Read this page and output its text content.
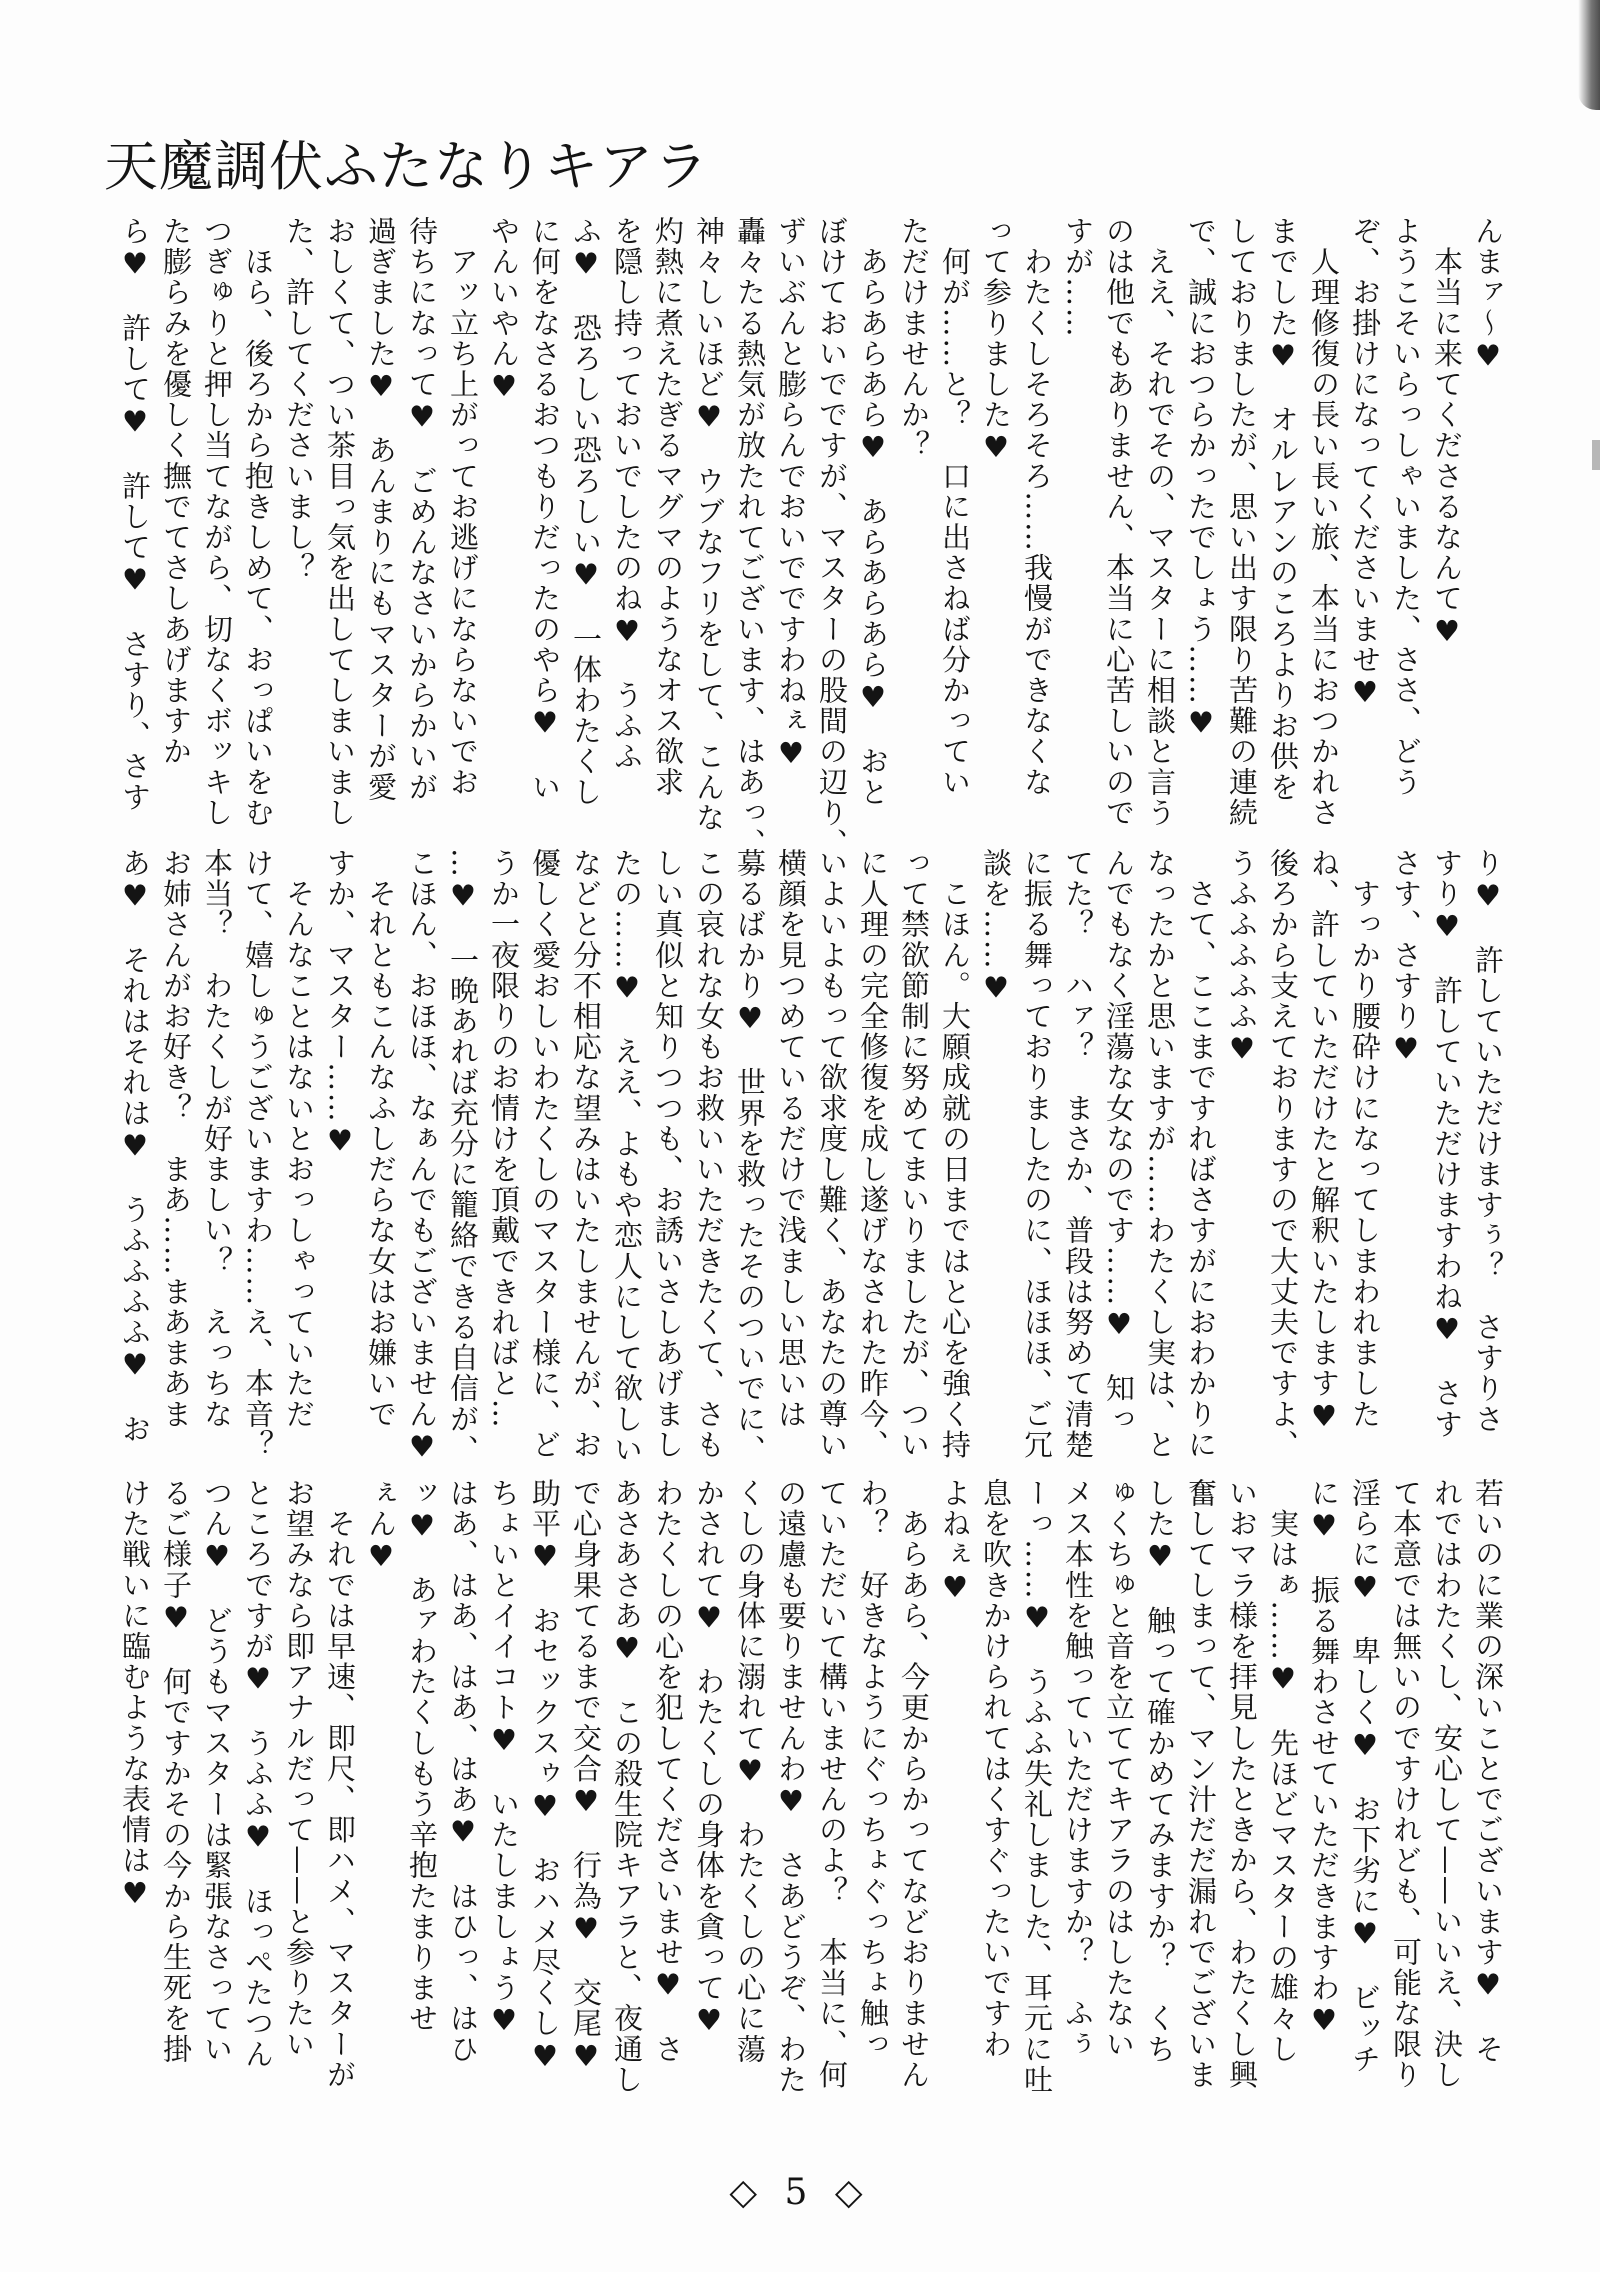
天魔調伏ふたなりキアラ
んまァ〜♥
　本当に来てくださるなんて♥
ようこそいらっしゃいました、ささ、どう
ぞ、お掛けになってくださいませ♥
　人理修復の長い長い旅、本当におつかれさ
までした♥　オルレアンのころよりお供を
しておりましたが、思い出す限り苦難の連続
で、誠におつらかったでしょう……♥
　ええ、それでその、マスターに相談と言う
のは他でもありません、本当に心苦しいので
すが……
　わたくしそろそろ……我慢ができなくな
って参りました♥
　何が……と？　口に出さねば分かってい
ただけませんか？
　あらあらあら♥　あらあらあら♥　おと
ぼけておいでですが、マスターの股間の辺り、
ずいぶんと膨らんでおいでですわねぇ♥
轟々たる熱気が放たれてございます、はあっ、
神々しいほど♥　ウブなフリをして、こんな
灼熱に煮えたぎるマグマのようなオス欲求
を隠し持っておいでしたのね♥　うふふ
ふ♥　恐ろしい恐ろしい♥　一体わたくし
に何をなさるおつもりだったのやら♥　い
やんいやん♥
　アッ立ち上がってお逃げにならないでお
待ちになって♥　ごめんなさいからかいが
過ぎました♥　あんまりにもマスターが愛
おしくて、つい茶目っ気を出してしまいまし
た、許してくださいまし？
　ほら、後ろから抱きしめて、おっぱいをむ
つぎゅりと押し当てながら、切なくボッキし
た膨らみを優しく撫でてさしあげますか
ら♥　許して♥　許して♥　さすり、さす
り♥　許していただけますぅ？　さすりさ
すり♥　許していただけますわね♥　さす
さす、さすり♥
　すっかり腰砕けになってしまわれました
ね、許していただけたと解釈いたします♥
後ろから支えておりますので大丈夫ですよ、
うふふふふふ♥
　さて、ここまですればさすがにおわかりに
なったかと思いますが……わたくし実は、と
んでもなく淫蕩な女なのです……♥　知っ
てた？　ハァ？　まさか、普段は努めて清楚
に振る舞っておりましたのに、ほほほ、ご冗
談を……♥
　こほん。大願成就の日まではと心を強く持
って禁欲節制に努めてまいりましたが、つい
に人理の完全修復を成し遂げなされた昨今、
いよいよもって欲求度し難く、あなたの尊い
横顔を見つめているだけで浅ましい思いは
募るばかり♥　世界を救ったそのついでに、
この哀れな女もお救いいただきたくて、さも
しい真似と知りつつも、お誘いさしあげまし
たの……♥　ええ、よもや恋人にして欲しい
などと分不相応な望みはいたしませんが、お
優しく愛おしいわたくしのマスター様に、ど
うか一夜限りのお情けを頂戴できればと…
…♥　一晩あれば充分に籠絡できる自信が、
こほん、おほほ、なぁんでもございません♥
　それともこんなふしだらな女はお嫌いで
すか、マスター……♥
　そんなことはないとおっしゃっていただ
けて、嬉しゅうございますわ……え、本音？
本当？　わたくしが好ましい？　えっちな
お姉さんがお好き？　まあ……まあまあま
あ♥　それはそれは♥　うふふふふ♥　お
若いのに業の深いことでございます♥　そ
れではわたくし、安心して——いいえ、決し
て本意では無いのですけれども、可能な限り
淫らに♥　卑しく♥　お下劣に♥　ビッチ
に♥　振る舞わさせていただきますわ♥
　実はぁ……♥　先ほどマスターの雄々し
いおマラ様を拝見したときから、わたくし興
奮してしまって、マン汁だだ漏れでございま
した♥　触って確かめてみますか？　くち
ゅくちゅと音を立ててキアラのはしたない
メス本性を触っていただけますか？　ふぅ
ーっ……♥　うふふ失礼しました、耳元に吐
息を吹きかけられてはくすぐったいですわ
よねぇ♥
　あらあら、今更からかってなどおりません
わ？　好きなようにぐっちょぐっちょ触っ
ていただいて構いませんのよ？　本当に、何
の遠慮も要りませんわ♥　さあどうぞ、わた
くしの身体に溺れて♥　わたくしの心に蕩
かされて♥　わたくしの身体を貪って♥
わたくしの心を犯してくださいませ♥　さ
あさあさあ♥　この殺生院キアラと、夜通し
で心身果てるまで交合♥　行為♥　交尾♥
助平♥　おセックスゥ♥　おハメ尽くし♥
ちょいとイイコト♥　いたしましょう♥
はあ、はあ、はあ、はあ♥　はひっ、はひ
ッ♥　あァわたくしもう辛抱たまりませ
ぇん♥
　それでは早速、即尺、即ハメ、マスターが
お望みなら即アナルだって——と参りたい
ところですが♥　うふふ♥　ほっぺたつん
つん♥　どうもマスターは緊張なさってい
るご様子♥　何ですかその今から生死を掛
けた戦いに臨むような表情は♥
◇ 5 ◇
